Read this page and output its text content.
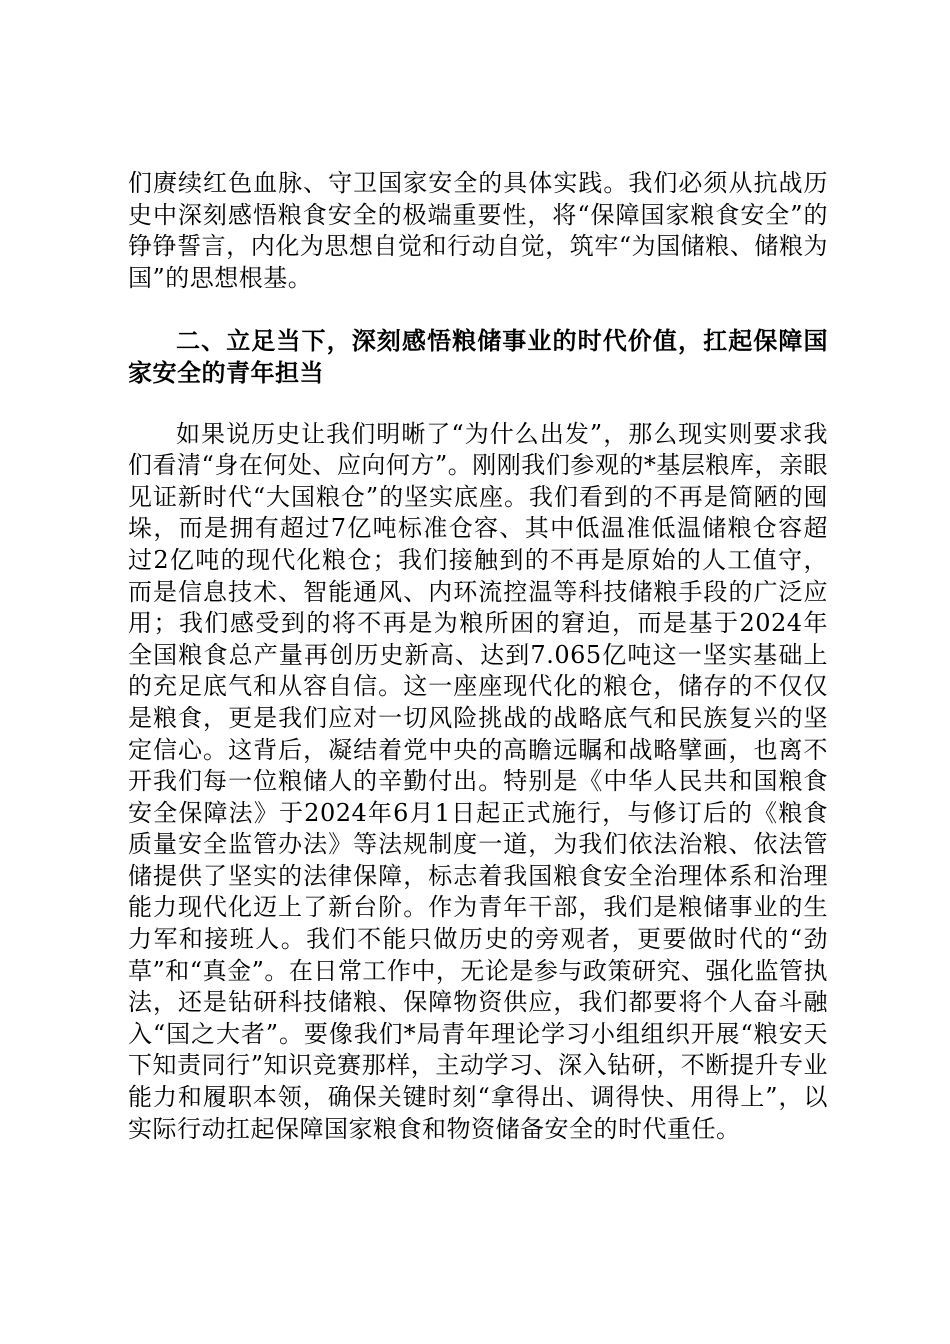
们赓续红色血脉、守卫国家安全的具体实践。我们必须从抗战历史中深刻感悟粮食安全的极端重要性，将“保障国家粮食安全”的铮铮誓言，内化为思想自觉和行动自觉，筑牢“为国储粮、储粮为国”的思想根基。

二、立足当下，深刻感悟粮储事业的时代价值，扛起保障国家安全的青年担当

如果说历史让我们明晰了“为什么出发”，那么现实则要求我们看清“身在何处、应向何方”。刚刚我们参观的*基层粮库，亲眼见证新时代“大国粮仓”的坚实底座。我们看到的不再是简陋的囤垛，而是拥有超过7亿吨标准仓容、其中低温准低温储粮仓容超过2亿吨的现代化粮仓；我们接触到的不再是原始的人工值守，而是信息技术、智能通风、内环流控温等科技储粮手段的广泛应用；我们感受到的将不再是为粮所困的窘迫，而是基于2024年全国粮食总产量再创历史新高、达到7.065亿吨这一坚实基础上的充足底气和从容自信。这一座座现代化的粮仓，储存的不仅仅是粮食，更是我们应对一切风险挑战的战略底气和民族复兴的坚定信心。这背后，凝结着党中央的高瞻远瞩和战略擘画，也离不开我们每一位粮储人的辛勤付出。特别是《中华人民共和国粮食安全保障法》于2024年6月1日起正式施行，与修订后的《粮食质量安全监管办法》等法规制度一道，为我们依法治粮、依法管储提供了坚实的法律保障，标志着我国粮食安全治理体系和治理能力现代化迈上了新台阶。作为青年干部，我们是粮储事业的生力军和接班人。我们不能只做历史的旁观者，更要做时代的“劲草”和“真金”。在日常工作中，无论是参与政策研究、强化监管执法，还是钻研科技储粮、保障物资供应，我们都要将个人奋斗融入“国之大者”。要像我们*局青年理论学习小组组织开展“粮安天下知责同行”知识竞赛那样，主动学习、深入钻研，不断提升专业能力和履职本领，确保关键时刻“拿得出、调得快、用得上”，以实际行动扛起保障国家粮食和物资储备安全的时代重任。
